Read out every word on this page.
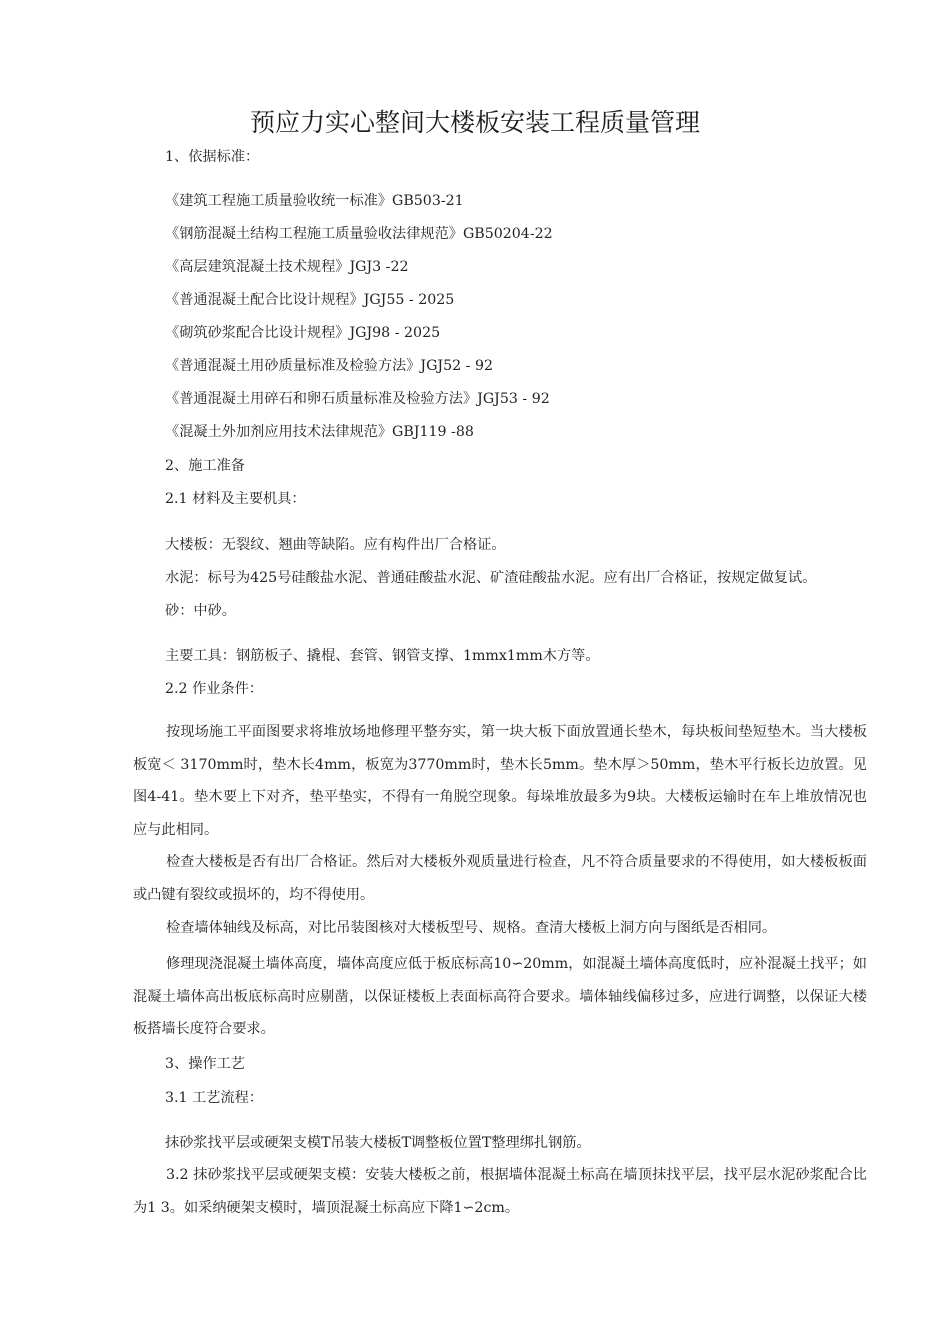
预应力实心整间大楼板安装工程质量管理
1、依据标准：
《建筑工程施工质量验收统一标准》GB503-21
《钢筋混凝土结构工程施工质量验收法律规范》GB50204-22
《高层建筑混凝土技术规程》JGJ3 -22
《普通混凝土配合比设计规程》JGJ55 - 2025
《砌筑砂浆配合比设计规程》JGJ98 - 2025
《普通混凝土用砂质量标准及检验方法》JGJ52 - 92
《普通混凝土用碎石和卵石质量标准及检验方法》JGJ53 - 92
《混凝土外加剂应用技术法律规范》GBJ119 -88
2、施工准备
2.1 材料及主要机具：
大楼板：无裂纹、翘曲等缺陷。应有构件出厂合格证。
水泥：标号为425号硅酸盐水泥、普通硅酸盐水泥、矿渣硅酸盐水泥。应有出厂合格证，按规定做复试。
砂：中砂。
主要工具：钢筋板子、撬棍、套管、钢管支撑、1mmx1mm木方等。
2.2 作业条件：
按现场施工平面图要求将堆放场地修理平整夯实，第一块大板下面放置通长垫木，每块板间垫短垫木。当大楼板板宽＜ 3170mm时，垫木长4mm，板宽为3770mm时，垫木长5mm。垫木厚＞50mm，垫木平行板长边放置。见图4-41。垫木要上下对齐，垫平垫实，不得有一角脱空现象。每垛堆放最多为9块。大楼板运输时在车上堆放情况也应与此相同。
检查大楼板是否有出厂合格证。然后对大楼板外观质量进行检查，凡不符合质量要求的不得使用，如大楼板板面或凸键有裂纹或损坏的，均不得使用。
检查墙体轴线及标高，对比吊装图核对大楼板型号、规格。查清大楼板上洞方向与图纸是否相同。
修理现浇混凝土墙体高度，墙体高度应低于板底标高10∽20mm，如混凝土墙体高度低时，应补混凝土找平；如混凝土墙体高出板底标高时应剔凿，以保证楼板上表面标高符合要求。墙体轴线偏移过多，应进行调整，以保证大楼板搭墙长度符合要求。
3、操作工艺
3.1 工艺流程：
抹砂浆找平层或硬架支模T吊装大楼板T调整板位置T整理绑扎钢筋。
3.2 抹砂浆找平层或硬架支模：安装大楼板之前，根据墙体混凝土标高在墙顶抹找平层，找平层水泥砂浆配合比为1 3。如采纳硬架支模时，墙顶混凝土标高应下降1∽2cm。
